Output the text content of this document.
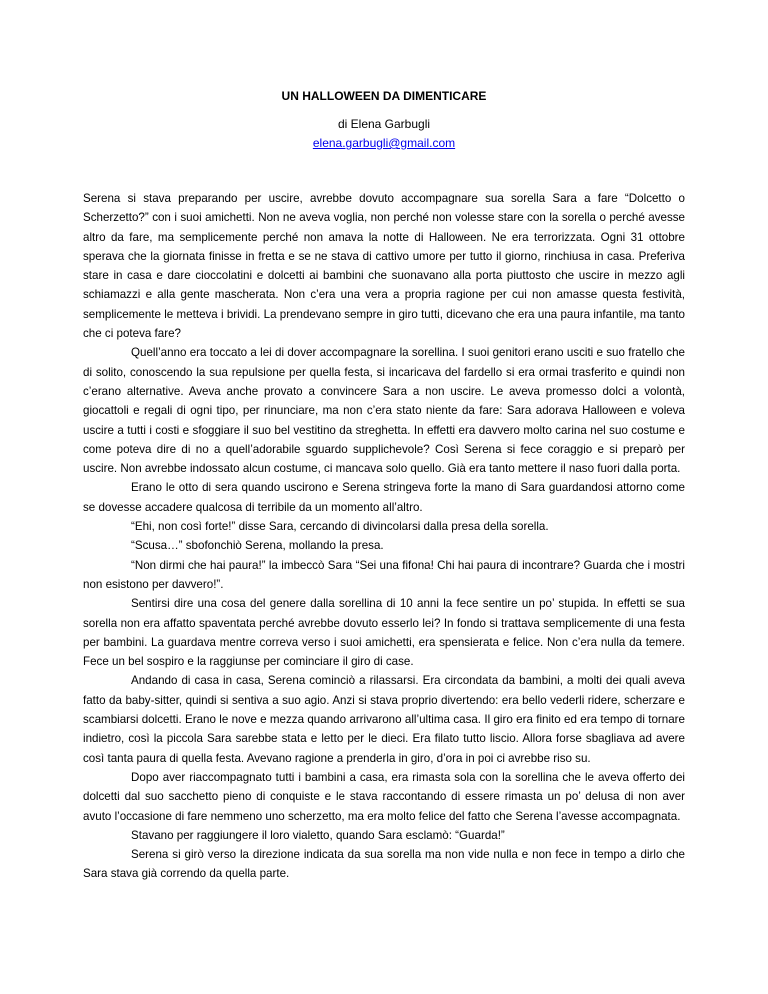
UN HALLOWEEN DA DIMENTICARE
di Elena Garbugli
elena.garbugli@gmail.com

Serena si stava preparando per uscire, avrebbe dovuto accompagnare sua sorella Sara a fare “Dolcetto o Scherzetto?” con i suoi amichetti. Non ne aveva voglia, non perché non volesse stare con la sorella o perché avesse altro da fare, ma semplicemente perché non amava la notte di Halloween. Ne era terrorizzata. Ogni 31 ottobre sperava che la giornata finisse in fretta e se ne stava di cattivo umore per tutto il giorno, rinchiusa in casa. Preferiva stare in casa e dare cioccolatini e dolcetti ai bambini che suonavano alla porta piuttosto che uscire in mezzo agli schiamazzi e alla gente mascherata. Non c’era una vera a propria ragione per cui non amasse questa festività, semplicemente le metteva i brividi. La prendevano sempre in giro tutti, dicevano che era una paura infantile, ma tanto che ci poteva fare?

Quell’anno era toccato a lei di dover accompagnare la sorellina. I suoi genitori erano usciti e suo fratello che di solito, conoscendo la sua repulsione per quella festa, si incaricava del fardello si era ormai trasferito e quindi non c’erano alternative. Aveva anche provato a convincere Sara a non uscire. Le aveva promesso dolci a volontà, giocattoli e regali di ogni tipo, per rinunciare, ma non c’era stato niente da fare: Sara adorava Halloween e voleva uscire a tutti i costi e sfoggiare il suo bel vestitino da streghetta. In effetti era davvero molto carina nel suo costume e come poteva dire di no a quell’adorabile sguardo supplichevole? Così Serena si fece coraggio e si preparò per uscire. Non avrebbe indossato alcun costume, ci mancava solo quello. Già era tanto mettere il naso fuori dalla porta.

Erano le otto di sera quando uscirono e Serena stringeva forte la mano di Sara guardandosi attorno come se dovesse accadere qualcosa di terribile da un momento all’altro.

“Ehi, non così forte!” disse Sara, cercando di divincolarsi dalla presa della sorella.

“Scusa…” sbofonchiò Serena, mollando la presa.

“Non dirmi che hai paura!” la imbeccò Sara “Sei una fifona! Chi hai paura di incontrare? Guarda che i mostri non esistono per davvero!”.

Sentirsi dire una cosa del genere dalla sorellina di 10 anni la fece sentire un po’ stupida. In effetti se sua sorella non era affatto spaventata perché avrebbe dovuto esserlo lei? In fondo si trattava semplicemente di una festa per bambini. La guardava mentre correva verso i suoi amichetti, era spensierata e felice. Non c’era nulla da temere. Fece un bel sospiro e la raggiunse per cominciare il giro di case.

Andando di casa in casa, Serena cominciò a rilassarsi. Era circondata da bambini, a molti dei quali aveva fatto da baby-sitter, quindi si sentiva a suo agio. Anzi si stava proprio divertendo: era bello vederli ridere, scherzare e scambiarsi dolcetti. Erano le nove e mezza quando arrivarono all’ultima casa. Il giro era finito ed era tempo di tornare indietro, così la piccola Sara sarebbe stata e letto per le dieci. Era filato tutto liscio. Allora forse sbagliava ad avere così tanta paura di quella festa. Avevano ragione a prenderla in giro, d’ora in poi ci avrebbe riso su.

Dopo aver riaccompagnato tutti i bambini a casa, era rimasta sola con la sorellina che le aveva offerto dei dolcetti dal suo sacchetto pieno di conquiste e le stava raccontando di essere rimasta un po’ delusa di non aver avuto l’occasione di fare nemmeno uno scherzetto, ma era molto felice del fatto che Serena l’avesse accompagnata.

Stavano per raggiungere il loro vialetto, quando Sara esclamò: “Guarda!”

Serena si girò verso la direzione indicata da sua sorella ma non vide nulla e non fece in tempo a dirlo che Sara stava già correndo da quella parte.
